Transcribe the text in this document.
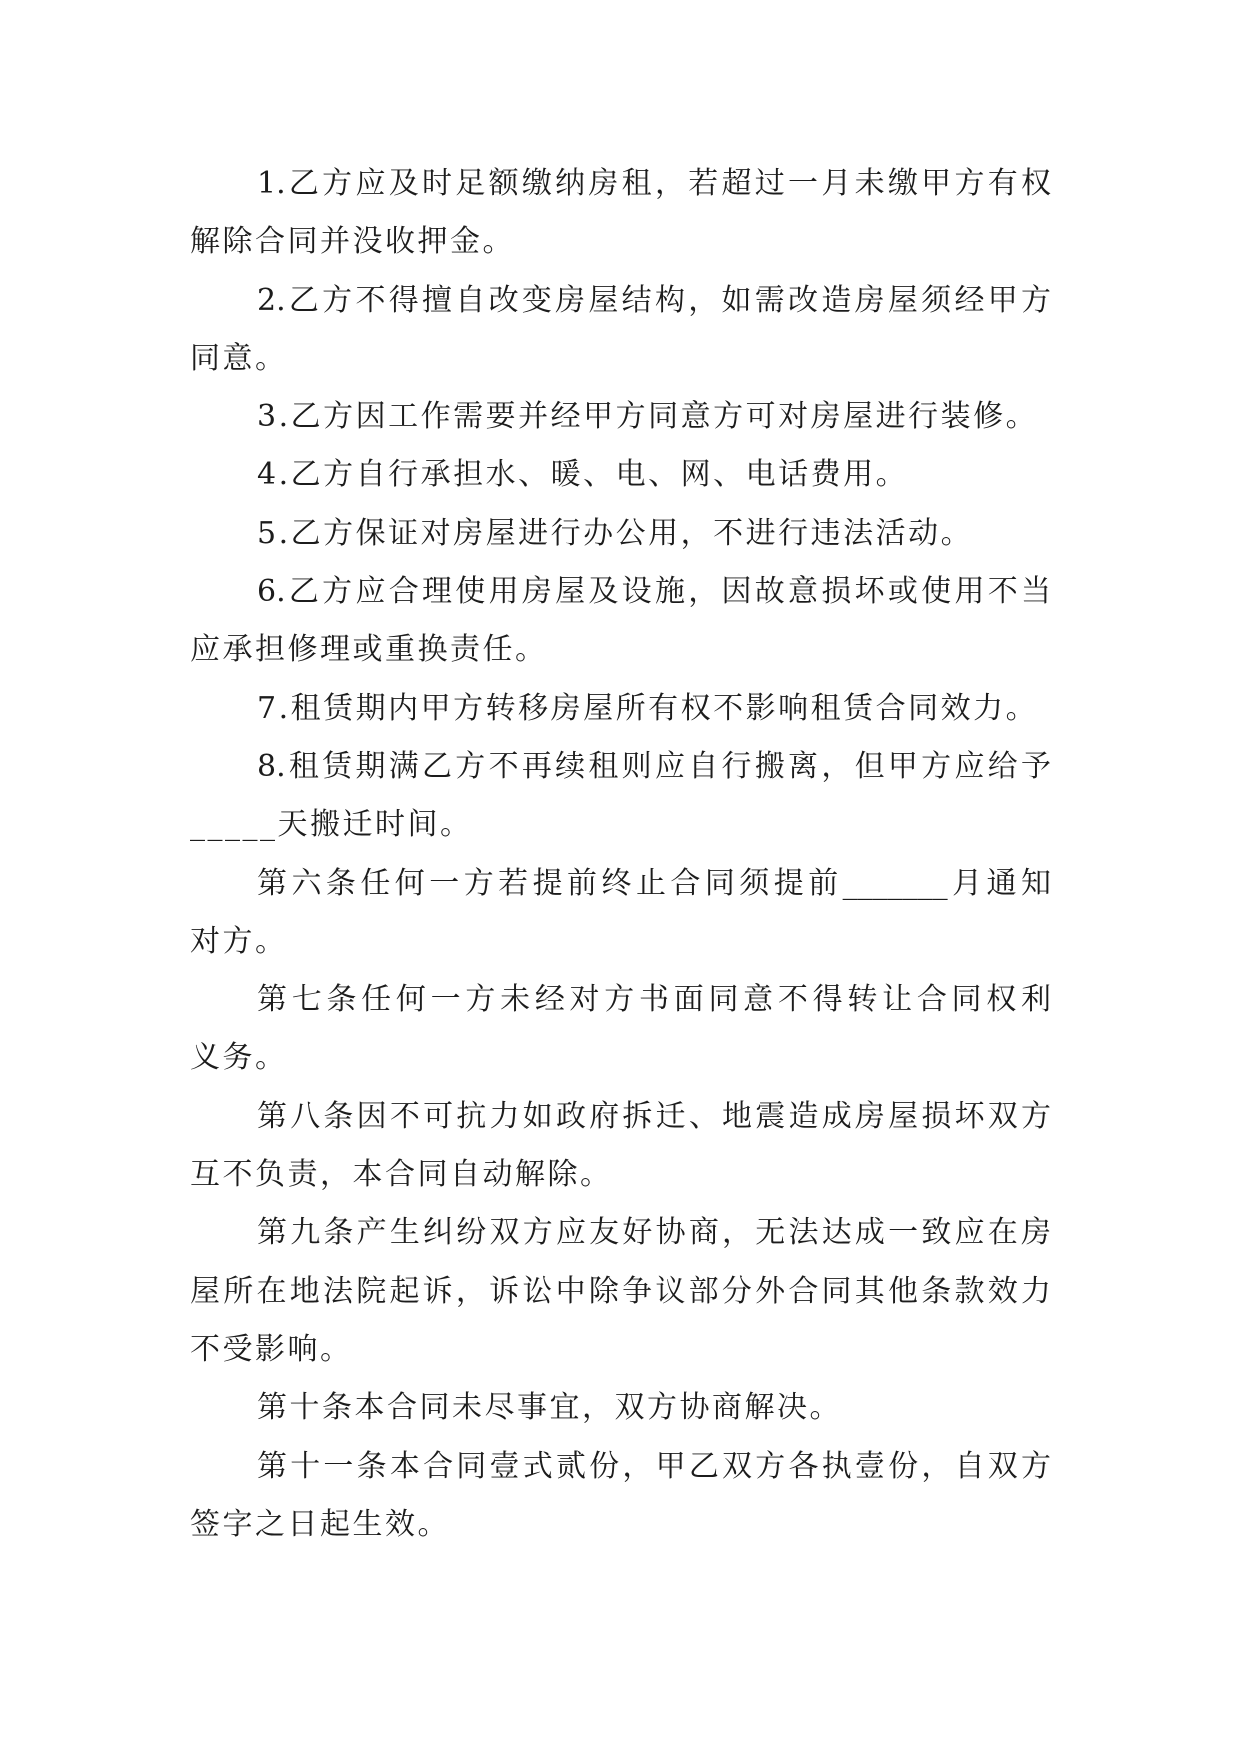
1.乙方应及时足额缴纳房租，若超过一月未缴甲方有权
解除合同并没收押金。
2.乙方不得擅自改变房屋结构，如需改造房屋须经甲方
同意。
3.乙方因工作需要并经甲方同意方可对房屋进行装修。
4.乙方自行承担水、暖、电、网、电话费用。
5.乙方保证对房屋进行办公用，不进行违法活动。
6.乙方应合理使用房屋及设施，因故意损坏或使用不当
应承担修理或重换责任。
7.租赁期内甲方转移房屋所有权不影响租赁合同效力。
8.租赁期满乙方不再续租则应自行搬离，但甲方应给予
_____天搬迁时间。
第六条任何一方若提前终止合同须提前_______月通知
对方。
第七条任何一方未经对方书面同意不得转让合同权利
义务。
第八条因不可抗力如政府拆迁、地震造成房屋损坏双方
互不负责，本合同自动解除。
第九条产生纠纷双方应友好协商，无法达成一致应在房
屋所在地法院起诉，诉讼中除争议部分外合同其他条款效力
不受影响。
第十条本合同未尽事宜，双方协商解决。
第十一条本合同壹式贰份，甲乙双方各执壹份，自双方
签字之日起生效。
